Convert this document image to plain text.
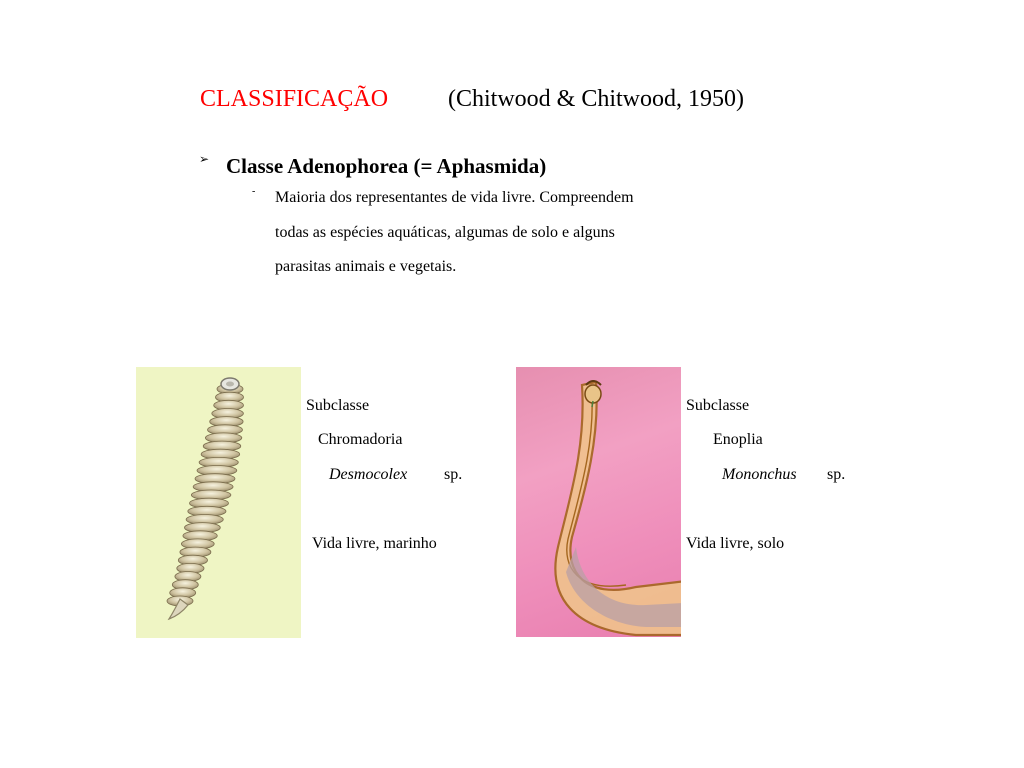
CLASSIFICAÇÃO (Chitwood & Chitwood, 1950)
➢ Classe Adenophorea (= Aphasmida)
- Maioria dos representantes de vida livre. Compreendem
todas as espécies aquáticas, algumas de solo e alguns
parasitas animais e vegetais.
Subclasse
Chromadoria
Desmocolex sp.
Vida livre, marinho
Subclasse
Enoplia
Mononchus sp.
Vida livre, solo
